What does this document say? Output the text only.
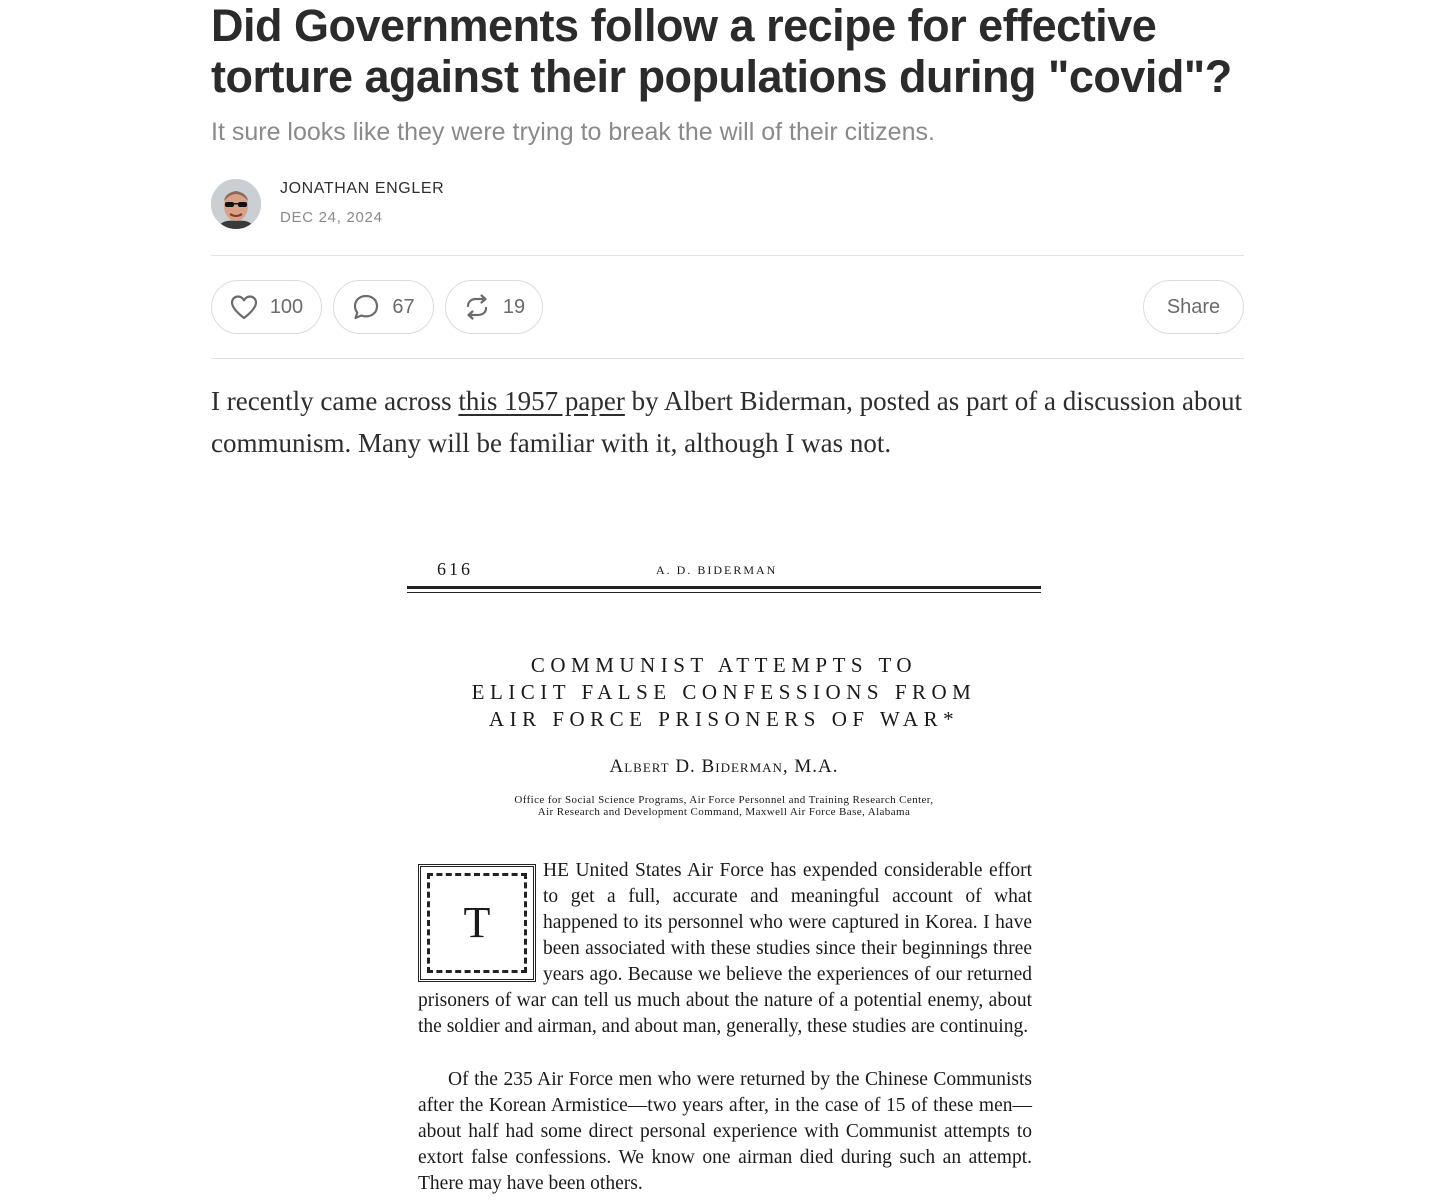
Did Governments follow a recipe for effective torture against their populations during "covid"?

It sure looks like they were trying to break the will of their citizens.

JONATHAN ENGLER
DEC 24, 2024
100	67	19	Share

I recently came across this 1957 paper by Albert Biderman, posted as part of a discussion about communism. Many will be familiar with it, although I was not.

616	A. D. BIDERMAN
COMMUNIST ATTEMPTS TO
ELICIT FALSE CONFESSIONS FROM
AIR FORCE PRISONERS OF WAR*
Albert D. Biderman, M.A.
Office for Social Science Programs, Air Force Personnel and Training Research Center,
Air Research and Development Command, Maxwell Air Force Base, Alabama

HE United States Air Force has expended considerable effort to get a full, accurate and meaningful account of what happened to its personnel who were captured in Korea. I have been associated with these studies since their beginnings three years ago. Because we believe the experiences of our returned prisoners of war can tell us much about the nature of a potential enemy, about the soldier and airman, and about man, generally, these studies are continuing.

T

Of the 235 Air Force men who were returned by the Chinese Communists after the Korean Armistice—two years after, in the case of 15 of these men—about half had some direct personal experience with Communist attempts to extort false confessions. We know one airman died during such an attempt. There may have been others.
